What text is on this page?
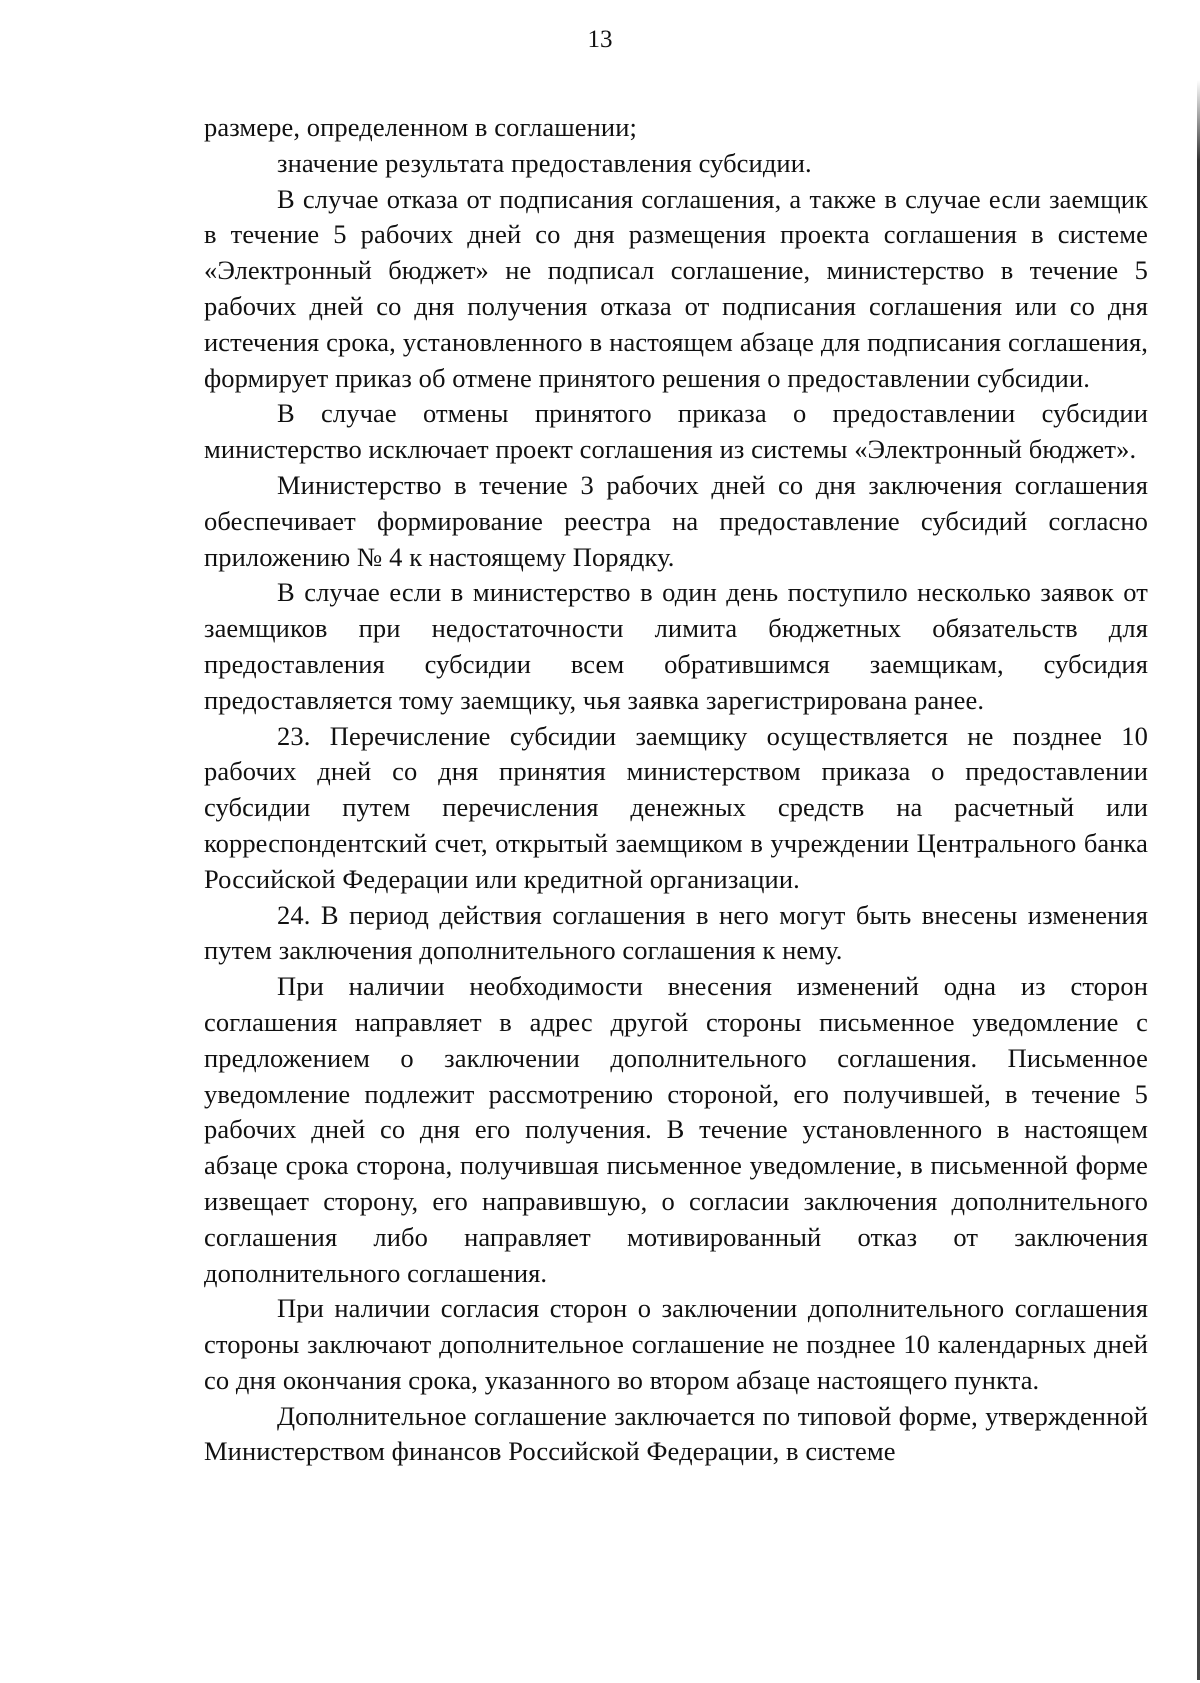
13

размере, определенном в соглашении;

значение результата предоставления субсидии.

В случае отказа от подписания соглашения, а также в случае если заемщик в течение 5 рабочих дней со дня размещения проекта соглашения в системе «Электронный бюджет» не подписал соглашение, министерство в течение 5 рабочих дней со дня получения отказа от подписания соглашения или со дня истечения срока, установленного в настоящем абзаце для подписания соглашения, формирует приказ об отмене принятого решения о предоставлении субсидии.

В случае отмены принятого приказа о предоставлении субсидии министерство исключает проект соглашения из системы «Электронный бюджет».

Министерство в течение 3 рабочих дней со дня заключения соглашения обеспечивает формирование реестра на предоставление субсидий согласно приложению № 4 к настоящему Порядку.

В случае если в министерство в один день поступило несколько заявок от заемщиков при недостаточности лимита бюджетных обязательств для предоставления субсидии всем обратившимся заемщикам, субсидия предоставляется тому заемщику, чья заявка зарегистрирована ранее.

23. Перечисление субсидии заемщику осуществляется не позднее 10 рабочих дней со дня принятия министерством приказа о предоставлении субсидии путем перечисления денежных средств на расчетный или корреспондентский счет, открытый заемщиком в учреждении Центрального банка Российской Федерации или кредитной организации.

24. В период действия соглашения в него могут быть внесены изменения путем заключения дополнительного соглашения к нему.

При наличии необходимости внесения изменений одна из сторон соглашения направляет в адрес другой стороны письменное уведомление с предложением о заключении дополнительного соглашения. Письменное уведомление подлежит рассмотрению стороной, его получившей, в течение 5 рабочих дней со дня его получения. В течение установленного в настоящем абзаце срока сторона, получившая письменное уведомление, в письменной форме извещает сторону, его направившую, о согласии заключения дополнительного соглашения либо направляет мотивированный отказ от заключения дополнительного соглашения.

При наличии согласия сторон о заключении дополнительного соглашения стороны заключают дополнительное соглашение не позднее 10 календарных дней со дня окончания срока, указанного во втором абзаце настоящего пункта.

Дополнительное соглашение заключается по типовой форме, утвержденной Министерством финансов Российской Федерации, в системе
